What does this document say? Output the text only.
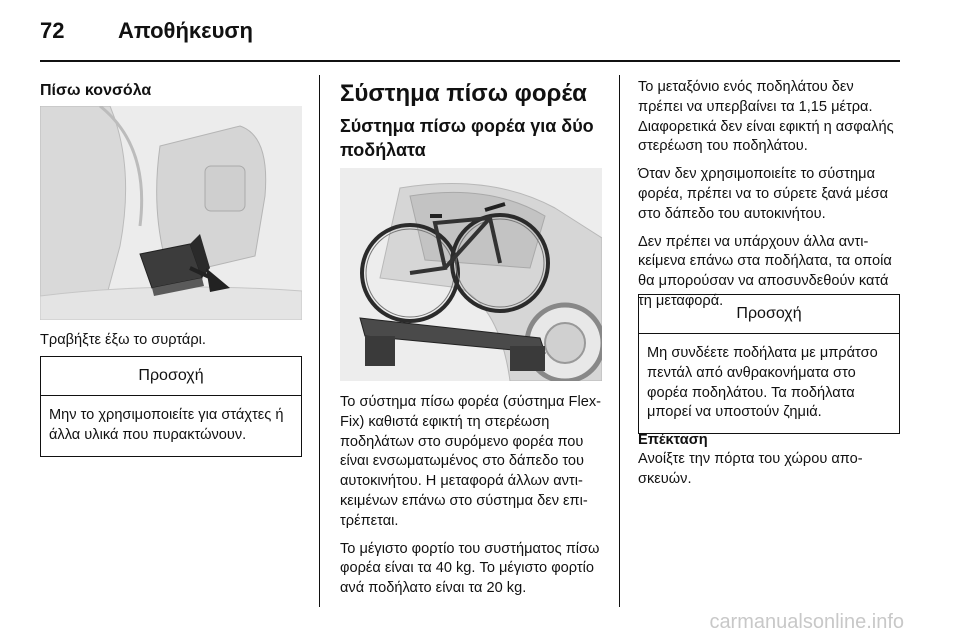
72 Αποθήκευση
Πίσω κονσόλα
Τραβήξτε έξω το συρτάρι.
Προσοχή
Μην το χρησιμοποιείτε για στάχτες ή άλλα υλικά που πυρακτώνουν.
Σύστημα πίσω φορέα
Σύστημα πίσω φορέα για δύο ποδήλατα

Το σύστημα πίσω φορέα (σύστημα Flex-Fix) καθιστά εφικτή τη στερέωση ποδηλάτων στο συρόμενο φορέα που είναι ενσωματωμένος στο δάπεδο του αυτοκινήτου. Η μεταφορά άλλων αντικειμένων επάνω στο σύστημα δεν επιτρέπεται.

Το μέγιστο φορτίο του συστήματος πίσω φορέα είναι τα 40 kg. Το μέγιστο φορτίο ανά ποδήλατο είναι τα 20 kg.

Το μεταξόνιο ενός ποδηλάτου δεν πρέπει να υπερβαίνει τα 1,15 μέτρα. Διαφορετικά δεν είναι εφικτή η ασφαλής στερέωση του ποδηλάτου.

Όταν δεν χρησιμοποιείτε το σύστημα φορέα, πρέπει να το σύρετε ξανά μέσα στο δάπεδο του αυτοκινήτου.

Δεν πρέπει να υπάρχουν άλλα αντικείμενα επάνω στα ποδήλατα, τα οποία θα μπορούσαν να αποσυνδεθούν κατά τη μεταφορά.

Προσοχή
Μη συνδέετε ποδήλατα με μπράτσο πεντάλ από ανθρακονήματα στο φορέα ποδηλάτου. Τα ποδήλατα μπορεί να υποστούν ζημιά.
Επέκταση
Ανοίξτε την πόρτα του χώρου αποσκευών.
carmanualsonline.info
